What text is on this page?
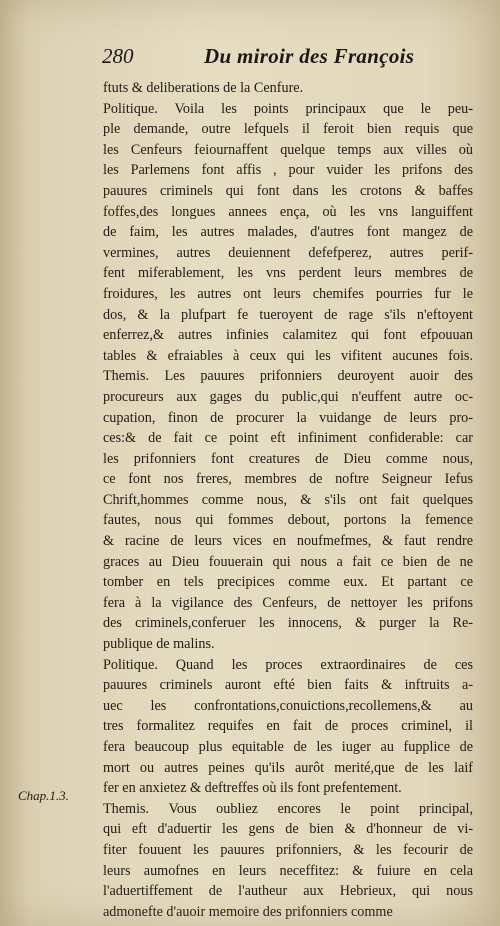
280	Du miroir des François
ftuts & deliberations de la Cenfure.
Politique. Voila les points principaux que le peu-
ple demande, outre lefquels il feroit bien requis que
les Cenfeurs feiournaffent quelque temps aux villes où
les Parlemens font affis , pour vuider les prifons des
pauures criminels qui font dans les crotons & baffes
foffes,des longues annees ença, où les vns languiffent
de faim, les autres malades, d'autres font mangez de
vermines, autres deuiennent defefperez, autres perif-
fent miferablement, les vns perdent leurs membres de
froidures, les autres ont leurs chemifes pourries fur le
dos, & la plufpart fe tueroyent de rage s'ils n'eftoyent
enferrez,& autres infinies calamitez qui font efpouuan
tables & efraiables à ceux qui les vifitent aucunes fois.
Themis. Les pauures prifonniers deuroyent auoir des
procureurs aux gages du public,qui n'euffent autre oc-
cupation, finon de procurer la vuidange de leurs pro-
ces:& de fait ce point eft infiniment confiderable: car
les prifonniers font creatures de Dieu comme nous,
ce font nos freres, membres de noftre Seigneur Iefus
Chrift,hommes comme nous, & s'ils ont fait quelques
fautes, nous qui fommes debout, portons la femence
& racine de leurs vices en noufmefmes, & faut rendre
graces au Dieu fouuerain qui nous a fait ce bien de ne
tomber en tels precipices comme eux. Et partant ce
fera à la vigilance des Cenfeurs, de nettoyer les prifons
des criminels,conferuer les innocens, & purger la Re-
publique de malins.
Politique. Quand les proces extraordinaires de ces
pauures criminels auront efté bien faits & inftruits a-
uec les confrontations,conuictions,recollemens,& au
tres formalitez requifes en fait de proces criminel, il
fera beaucoup plus equitable de les iuger au fupplice de
mort ou autres peines qu'ils aurôt merité,que de les laif
fer en anxietez & deftreffes où ils font prefentement.
Themis. Vous oubliez encores le point principal,
qui eft d'aduertir les gens de bien & d'honneur de vi-
fiter fouuent les pauures prifonniers, & les fecourir de
leurs aumofnes en leurs neceffitez: & fuiure en cela
l'aduertiffement de l'autheur aux Hebrieux, qui nous
admonefte d'auoir memoire des prifonniers comme
Chap.1.3.
